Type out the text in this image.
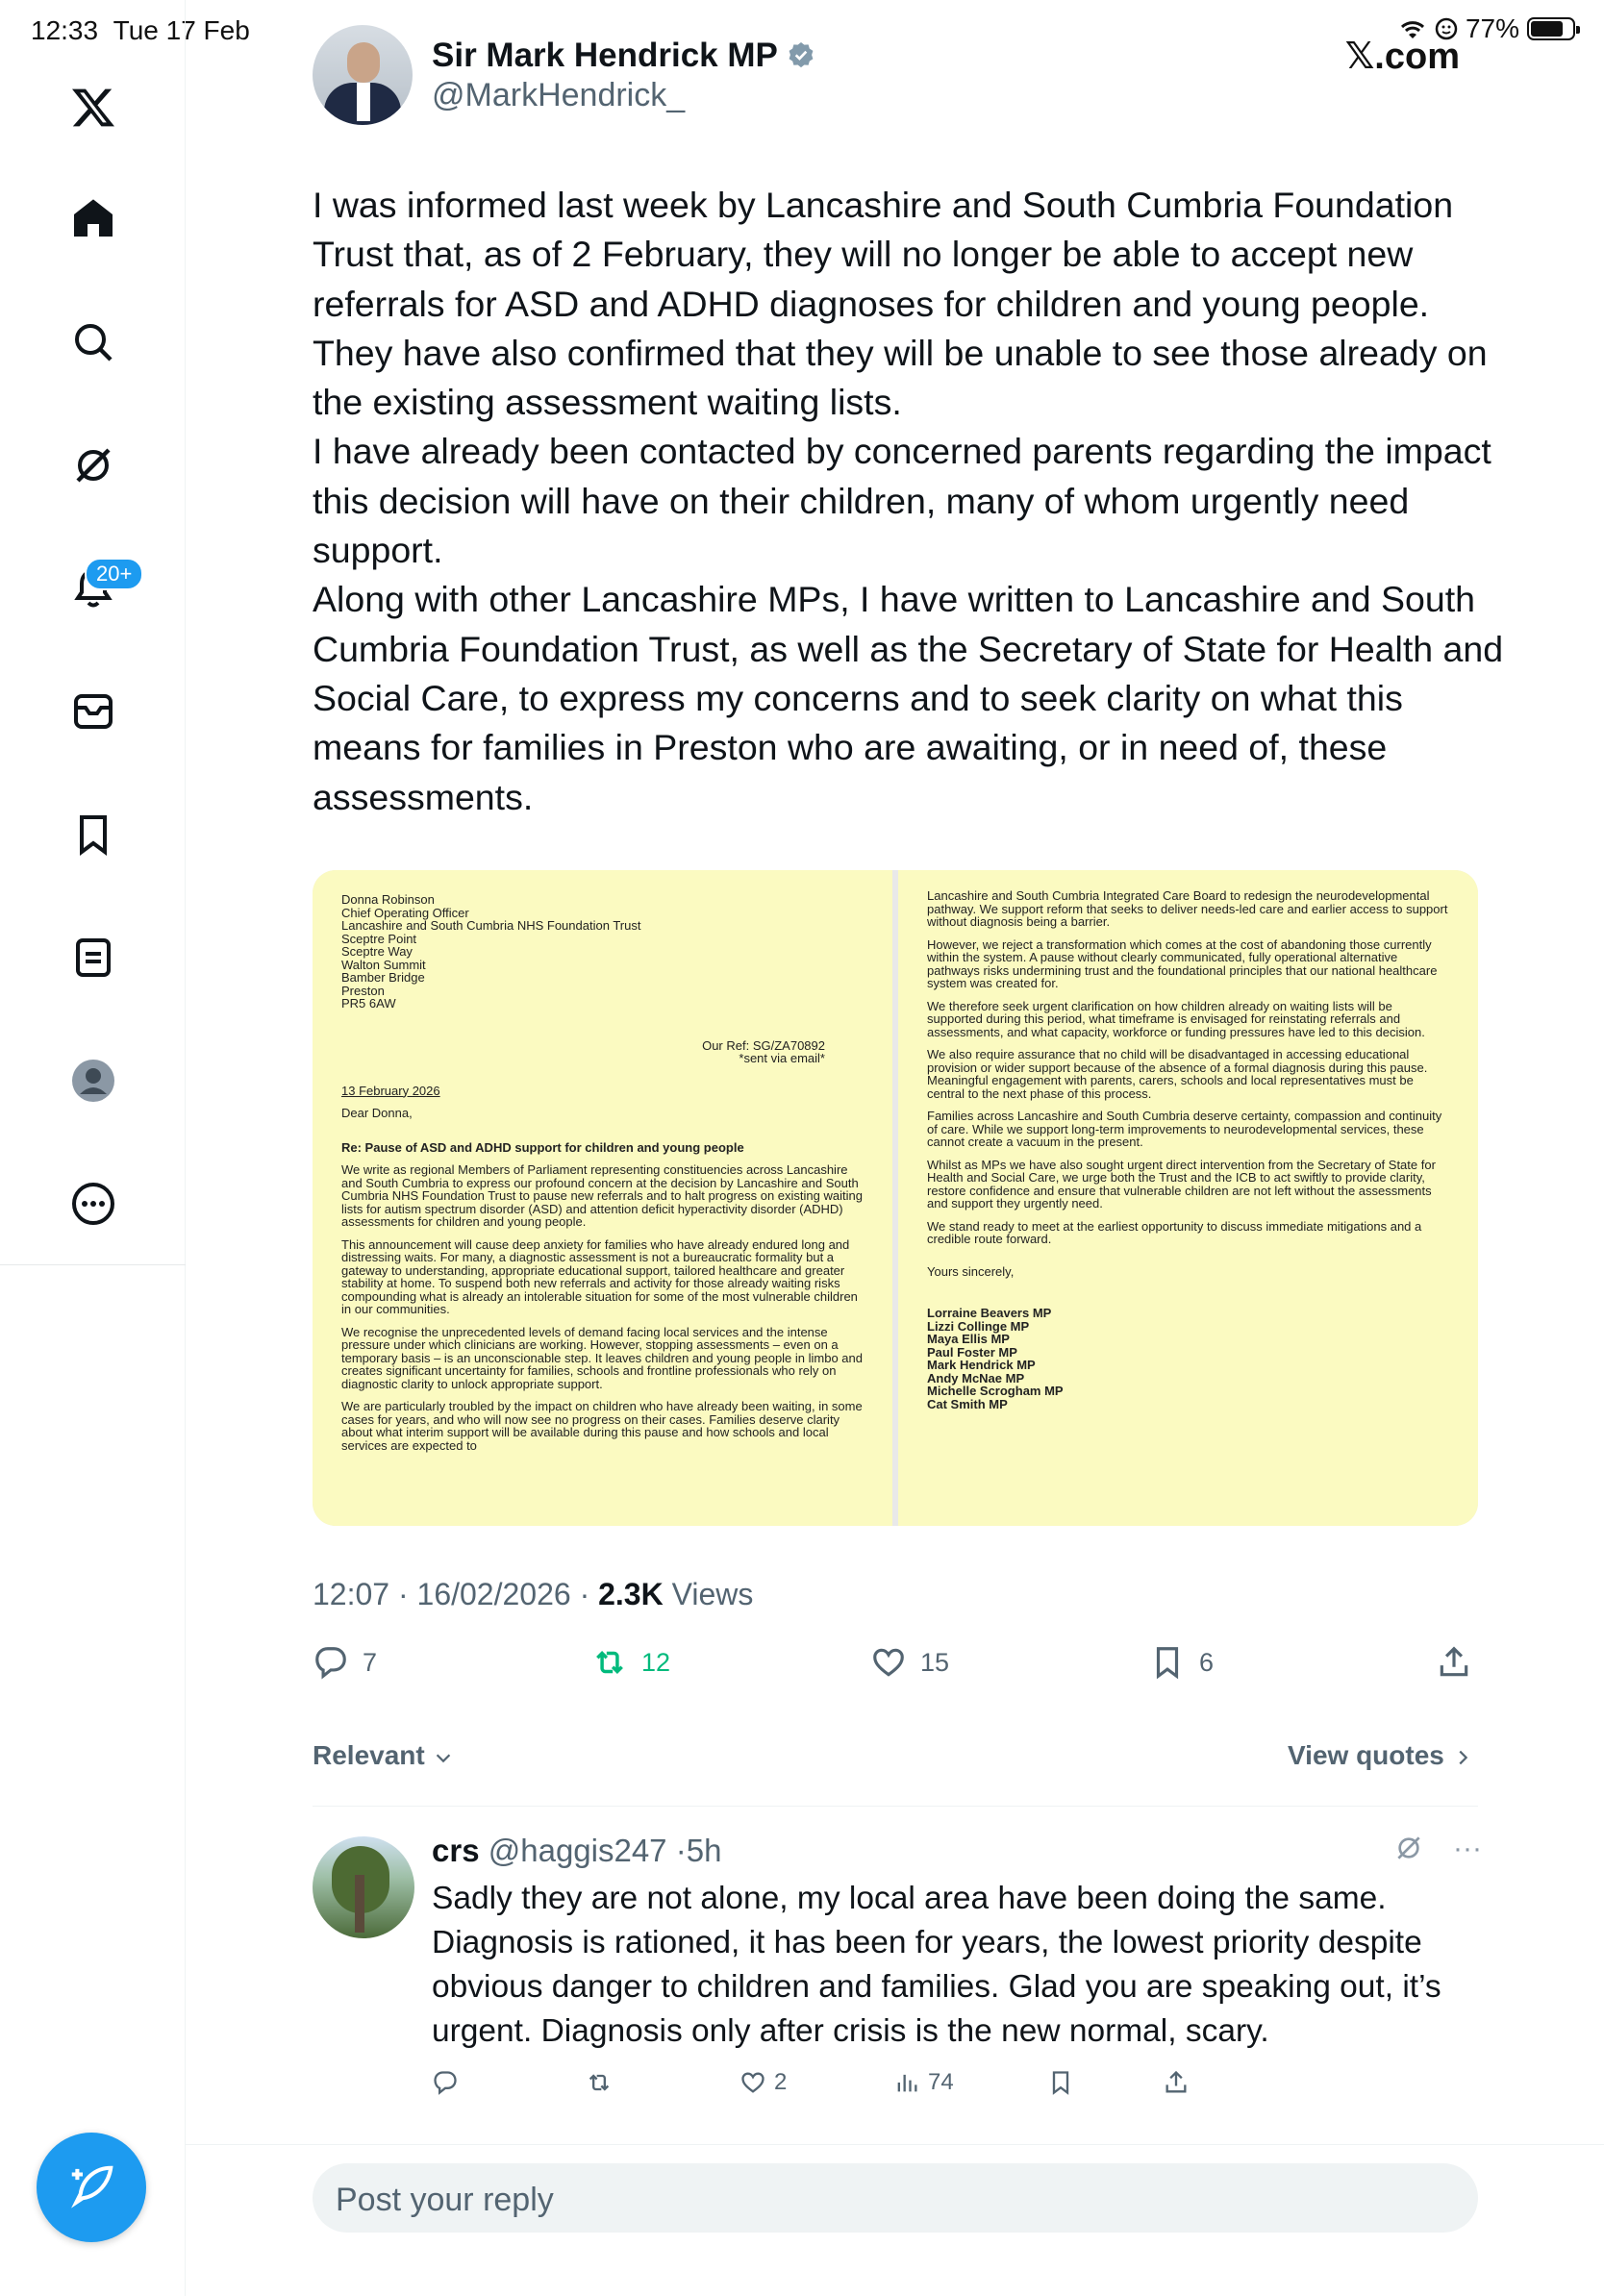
12:33 Tue 17 Feb	77%
𝕏.com
20+
Sir Mark Hendrick MP
@MarkHendrick_
I was informed last week by Lancashire and South Cumbria Foundation Trust that, as of 2 February, they will no longer be able to accept new referrals for ASD and ADHD diagnoses for children and young people.
They have also confirmed that they will be unable to see those already on the existing assessment waiting lists.
I have already been contacted by concerned parents regarding the impact this decision will have on their children, many of whom urgently need support.
Along with other Lancashire MPs, I have written to Lancashire and South Cumbria Foundation Trust, as well as the Secretary of State for Health and Social Care, to express my concerns and to seek clarity on what this means for families in Preston who are awaiting, or in need of, these assessments.
Donna Robinson
Chief Operating Officer
Lancashire and South Cumbria NHS Foundation Trust
Sceptre Point
Sceptre Way
Walton Summit
Bamber Bridge
Preston
PR5 6AW
Our Ref: SG/ZA70892
*sent via email*

13 February 2026

Dear Donna,

Re: Pause of ASD and ADHD support for children and young people

We write as regional Members of Parliament representing constituencies across Lancashire and South Cumbria to express our profound concern at the decision by Lancashire and South Cumbria NHS Foundation Trust to pause new referrals and to halt progress on existing waiting lists for autism spectrum disorder (ASD) and attention deficit hyperactivity disorder (ADHD) assessments for children and young people.

This announcement will cause deep anxiety for families who have already endured long and distressing waits. For many, a diagnostic assessment is not a bureaucratic formality but a gateway to understanding, appropriate educational support, tailored healthcare and greater stability at home. To suspend both new referrals and activity for those already waiting risks compounding what is already an intolerable situation for some of the most vulnerable children in our communities.

We recognise the unprecedented levels of demand facing local services and the intense pressure under which clinicians are working. However, stopping assessments – even on a temporary basis – is an unconscionable step. It leaves children and young people in limbo and creates significant uncertainty for families, schools and frontline professionals who rely on diagnostic clarity to unlock appropriate support.

We are particularly troubled by the impact on children who have already been waiting, in some cases for years, and who will now see no progress on their cases. Families deserve clarity about what interim support will be available during this pause and how schools and local services are expected to

Lancashire and South Cumbria Integrated Care Board to redesign the neurodevelopmental pathway. We support reform that seeks to deliver needs-led care and earlier access to support without diagnosis being a barrier.

However, we reject a transformation which comes at the cost of abandoning those currently within the system. A pause without clearly communicated, fully operational alternative pathways risks undermining trust and the foundational principles that our national healthcare system was created for.

We therefore seek urgent clarification on how children already on waiting lists will be supported during this period, what timeframe is envisaged for reinstating referrals and assessments, and what capacity, workforce or funding pressures have led to this decision.

We also require assurance that no child will be disadvantaged in accessing educational provision or wider support because of the absence of a formal diagnosis during this pause. Meaningful engagement with parents, carers, schools and local representatives must be central to the next phase of this process.

Families across Lancashire and South Cumbria deserve certainty, compassion and continuity of care. While we support long-term improvements to neurodevelopmental services, these cannot create a vacuum in the present.

Whilst as MPs we have also sought urgent direct intervention from the Secretary of State for Health and Social Care, we urge both the Trust and the ICB to act swiftly to provide clarity, restore confidence and ensure that vulnerable children are not left without the assessments and support they urgently need.

We stand ready to meet at the earliest opportunity to discuss immediate mitigations and a credible route forward.

Yours sincerely,

Lorraine Beavers MP
Lizzi Collinge MP
Maya Ellis MP
Paul Foster MP
Mark Hendrick MP
Andy McNae MP
Michelle Scrogham MP
Cat Smith MP
12:07 · 16/02/2026 · 2.3K Views
7	12	15	6
Relevant	View quotes
crs @haggis247 ·5h	···
Sadly they are not alone, my local area have been doing the same. Diagnosis is rationed, it has been for years, the lowest priority despite obvious danger to children and families. Glad you are speaking out, it’s urgent. Diagnosis only after crisis is the new normal, scary.
2	74
Post your reply
